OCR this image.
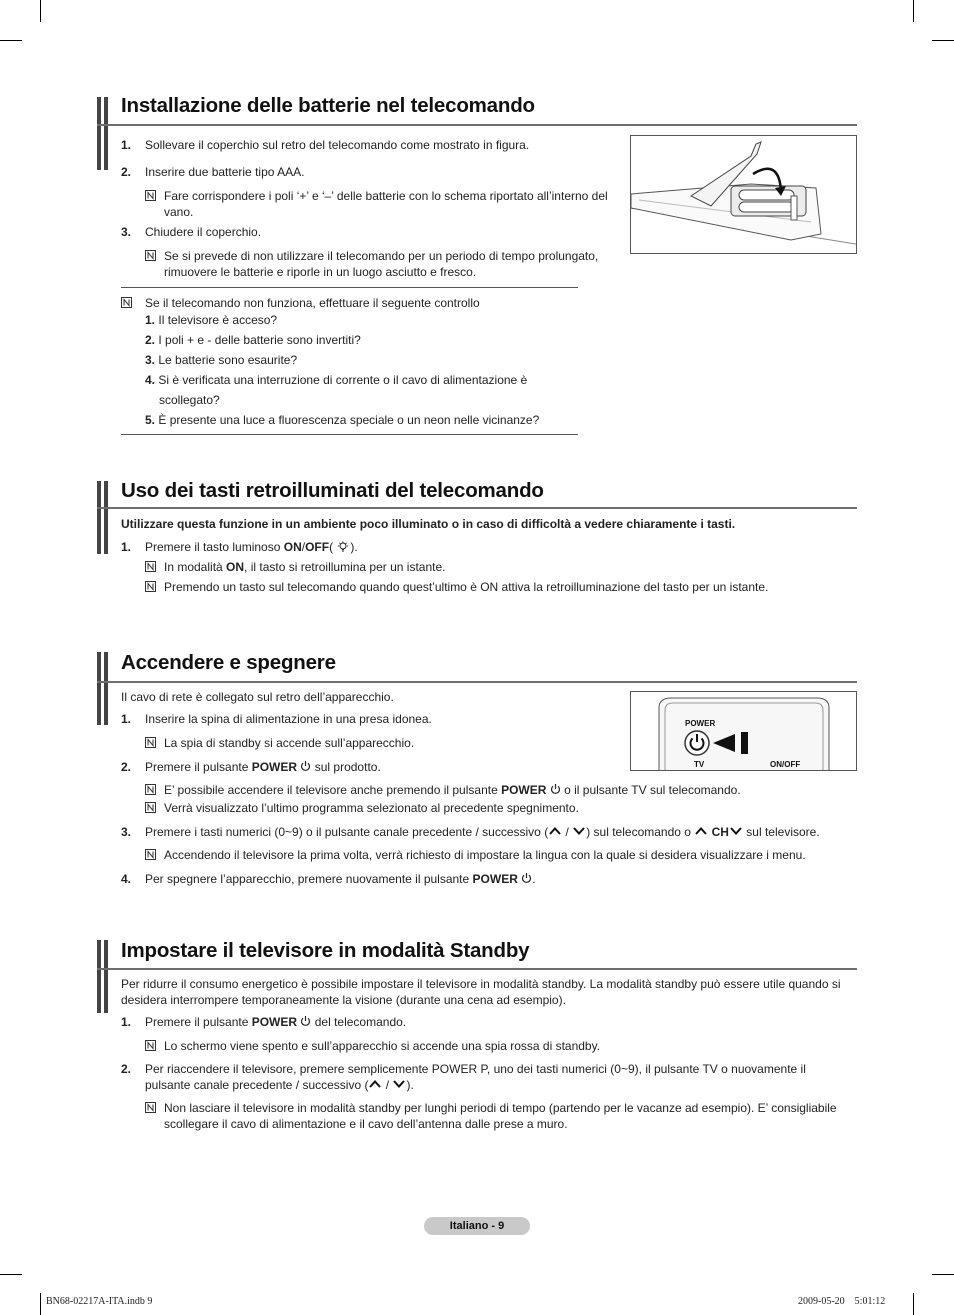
Installazione delle batterie nel telecomando
1. Sollevare il coperchio sul retro del telecomando come mostrato in figura.
2. Inserire due batterie tipo AAA.
Fare corrispondere i poli ‘+’ e ‘–’ delle batterie con lo schema riportato all’interno del vano.
3. Chiudere il coperchio.
Se si prevede di non utilizzare il telecomando per un periodo di tempo prolungato, rimuovere le batterie e riporle in un luogo asciutto e fresco.
Se il telecomando non funziona, effettuare il seguente controllo
1. Il televisore è acceso?
2. I poli + e - delle batterie sono invertiti?
3. Le batterie sono esaurite?
4. Si è verificata una interruzione di corrente o il cavo di alimentazione è
scollegato?
5. È presente una luce a fluorescenza speciale o un neon nelle vicinanze?
Uso dei tasti retroilluminati del telecomando
Utilizzare questa funzione in un ambiente poco illuminato o in caso di difficoltà a vedere chiaramente i tasti.
1. Premere il tasto luminoso ON/OFF( ).
In modalità ON, il tasto si retroillumina per un istante.
Premendo un tasto sul telecomando quando quest’ultimo è ON attiva la retroilluminazione del tasto per un istante.
Accendere e spegnere
Il cavo di rete è collegato sul retro dell’apparecchio.
1. Inserire la spina di alimentazione in una presa idonea.
La spia di standby si accende sull’apparecchio.
2. Premere il pulsante POWER  sul prodotto.
E’ possibile accendere il televisore anche premendo il pulsante POWER  o il pulsante TV sul telecomando.
Verrà visualizzato l’ultimo programma selezionato al precedente spegnimento.
3. Premere i tasti numerici (0~9) o il pulsante canale precedente / successivo ( / ) sul telecomando o  CH sul televisore.
Accendendo il televisore la prima volta, verrà richiesto di impostare la lingua con la quale si desidera visualizzare i menu.
4. Per spegnere l’apparecchio, premere nuovamente il pulsante POWER .
POWER
TV	ON/OFF
Impostare il televisore in modalità Standby
Per ridurre il consumo energetico è possibile impostare il televisore in modalità standby. La modalità standby può essere utile quando si desidera interrompere temporaneamente la visione (durante una cena ad esempio).
1. Premere il pulsante POWER  del telecomando.
Lo schermo viene spento e sull’apparecchio si accende una spia rossa di standby.
2. Per riaccendere il televisore, premere semplicemente POWER P, uno dei tasti numerici (0~9), il pulsante TV o nuovamente il
pulsante canale precedente / successivo ( / ).
Non lasciare il televisore in modalità standby per lunghi periodi di tempo (partendo per le vacanze ad esempio). E’ consigliabile scollegare il cavo di alimentazione e il cavo dell’antenna dalle prese a muro.
Italiano - 9
BN68-02217A-ITA.indb 9	2009-05-20    5:01:12
